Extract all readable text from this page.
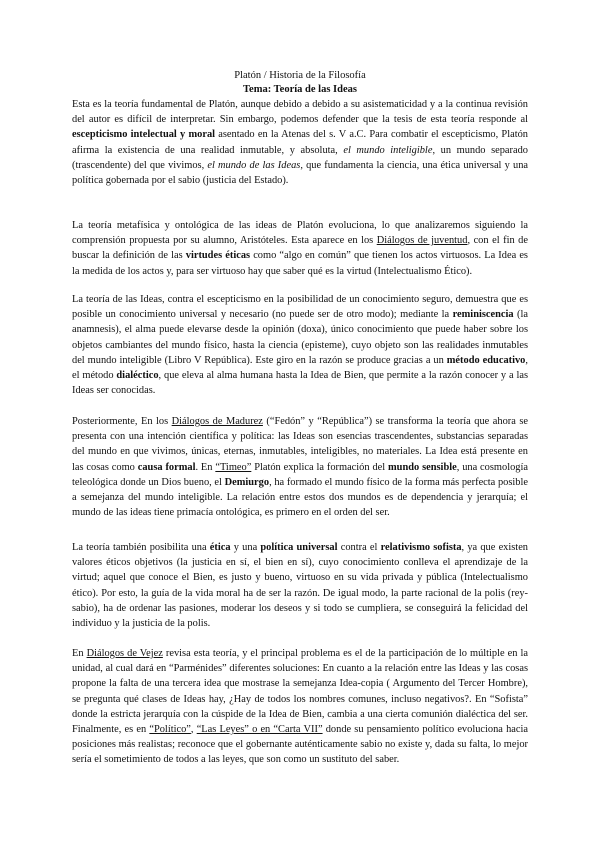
Platón / Historia de la Filosofía
Tema: Teoría de las Ideas

Esta es la teoría fundamental de Platón, aunque debido a debido a su asistematicidad y a la continua revisión del autor es difícil de interpretar. Sin embargo, podemos defender que la tesis de esta teoría responde al escepticismo intelectual y moral asentado en la Atenas del s. V a.C. Para combatir el escepticismo, Platón afirma la existencia de una realidad inmutable, y absoluta, el mundo inteligible, un mundo separado (trascendente) del que vivimos, el mundo de las Ideas, que fundamenta la ciencia, una ética universal y una política gobernada por el sabio (justicia del Estado).

La teoría metafísica y ontológica de las ideas de Platón evoluciona, lo que analizaremos siguiendo la comprensión propuesta por su alumno, Aristóteles. Esta aparece en los Diálogos de juventud, con el fin de buscar la definición de las virtudes éticas como “algo en común” que tienen los actos virtuosos. La Idea es la medida de los actos y, para ser virtuoso hay que saber qué es la virtud (Intelectualismo Ético).

La teoría de las Ideas, contra el escepticismo en la posibilidad de un conocimiento seguro, demuestra que es posible un conocimiento universal y necesario (no puede ser de otro modo); mediante la reminiscencia (la anamnesis), el alma puede elevarse desde la opinión (doxa), único conocimiento que puede haber sobre los objetos cambiantes del mundo físico, hasta la ciencia (episteme), cuyo objeto son las realidades inmutables del mundo inteligible (Libro V República). Este giro en la razón se produce gracias a un método educativo, el método dialéctico, que eleva al alma humana hasta la Idea de Bien, que permite a la razón conocer y a las Ideas ser conocidas.

Posteriormente, En los Diálogos de Madurez (“Fedón” y “República”) se transforma la teoría que ahora se presenta con una intención científica y política: las Ideas son esencias trascendentes, substancias separadas del mundo en que vivimos, únicas, eternas, inmutables, inteligibles, no materiales. La Idea está presente en las cosas como causa formal. En “Timeo” Platón explica la formación del mundo sensible, una cosmología teleológica donde un Dios bueno, el Demiurgo, ha formado el mundo físico de la forma más perfecta posible a semejanza del mundo inteligible. La relación entre estos dos mundos es de dependencia y jerarquía; el mundo de las ideas tiene primacía ontológica, es primero en el orden del ser.

La teoría también posibilita una ética y una política universal contra el relativismo sofista, ya que existen valores éticos objetivos (la justicia en sí, el bien en sí), cuyo conocimiento conlleva el aprendizaje de la virtud; aquel que conoce el Bien, es justo y bueno, virtuoso en su vida privada y pública (Intelectualismo ético). Por esto, la guía de la vida moral ha de ser la razón. De igual modo, la parte racional de la polis (rey-sabio), ha de ordenar las pasiones, moderar los deseos y si todo se cumpliera, se conseguirá la felicidad del individuo y la justicia de la polis.

En Diálogos de Vejez revisa esta teoría, y el principal problema es el de la participación de lo múltiple en la unidad, al cual dará en “Parménides” diferentes soluciones: En cuanto a la relación entre las Ideas y las cosas propone la falta de una tercera idea que mostrase la semejanza Idea-copia ( Argumento del Tercer Hombre), se pregunta qué clases de Ideas hay, ¿Hay de todos los nombres comunes, incluso negativos?. En “Sofista” donde la estricta jerarquía con la cúspide de la Idea de Bien, cambia a una cierta comunión dialéctica del ser. Finalmente, es en “Político”, “Las Leyes” o en “Carta VII” donde su pensamiento político evoluciona hacia posiciones más realistas; reconoce que el gobernante auténticamente sabio no existe y, dada su falta, lo mejor sería el sometimiento de todos a las leyes, que son como un sustituto del saber.
